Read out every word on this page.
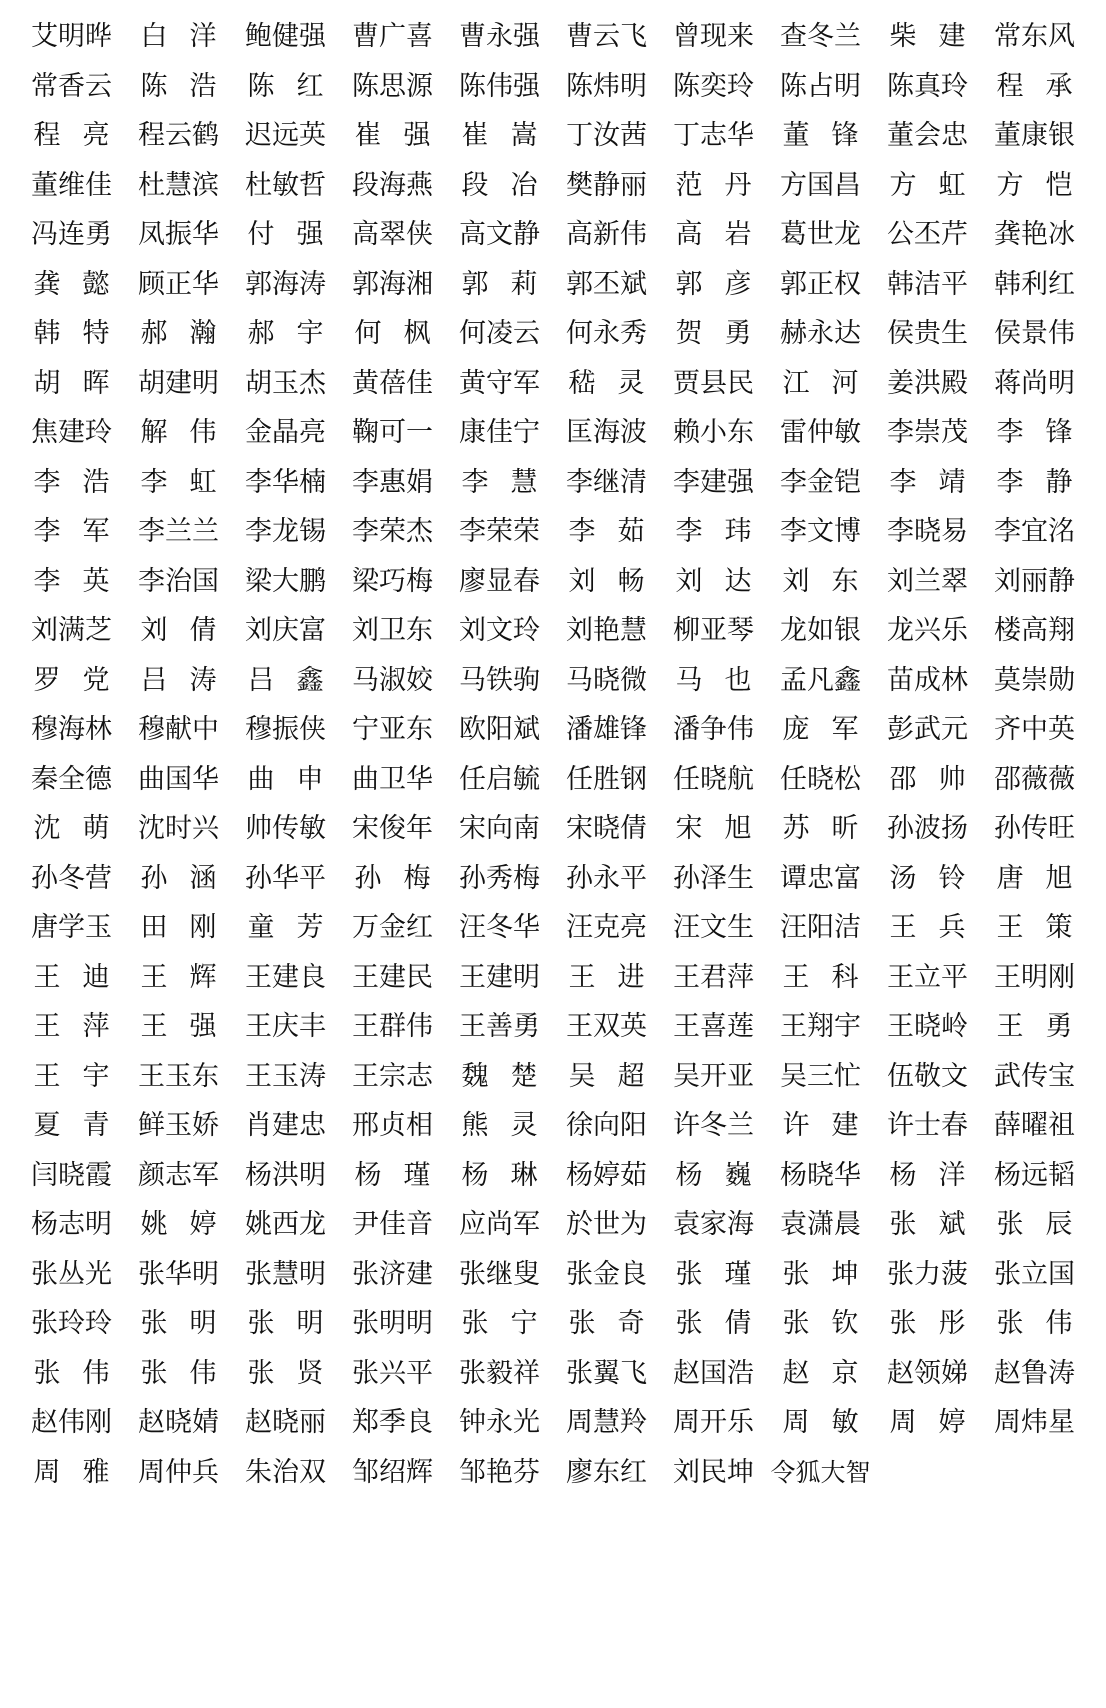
艾明晔 白 洋 鲍健强 曹广喜 曹永强 曹云飞 曾现来 查冬兰 柴 建 常东风
常香云 陈 浩 陈 红 陈思源 陈伟强 陈炜明 陈奕玲 陈占明 陈真玲 程 承
程 亮 程云鹤 迟远英 崔 强 崔 嵩 丁汝茜 丁志华 董 锋 董会忠 董康银
董维佳 杜慧滨 杜敏哲 段海燕 段 冶 樊静丽 范 丹 方国昌 方 虹 方 恺
冯连勇 凤振华 付 强 高翠侠 高文静 高新伟 高 岩 葛世龙 公丕芹 龚艳冰
龚 懿 顾正华 郭海涛 郭海湘 郭 莉 郭丕斌 郭 彦 郭正权 韩洁平 韩利红
韩 特 郝 瀚 郝 宇 何 枫 何凌云 何永秀 贺 勇 赫永达 侯贵生 侯景伟
胡 晖 胡建明 胡玉杰 黄蓓佳 黄守军 嵇 灵 贾县民 江 河 姜洪殿 蒋尚明
焦建玲 解 伟 金晶亮 鞠可一 康佳宁 匡海波 赖小东 雷仲敏 李崇茂 李 锋
李 浩 李 虹 李华楠 李惠娟 李 慧 李继清 李建强 李金铠 李 靖 李 静
李 军 李兰兰 李龙锡 李荣杰 李荣荣 李 茹 李 玮 李文博 李晓易 李宜洺
李 英 李治国 梁大鹏 梁巧梅 廖显春 刘 畅 刘 达 刘 东 刘兰翠 刘丽静
刘满芝 刘 倩 刘庆富 刘卫东 刘文玲 刘艳慧 柳亚琴 龙如银 龙兴乐 楼高翔
罗 党 吕 涛 吕 鑫 马淑姣 马铁驹 马晓微 马 也 孟凡鑫 苗成林 莫崇勋
穆海林 穆献中 穆振侠 宁亚东 欧阳斌 潘雄锋 潘争伟 庞 军 彭武元 齐中英
秦全德 曲国华 曲 申 曲卫华 任启毓 任胜钢 任晓航 任晓松 邵 帅 邵薇薇
沈 萌 沈时兴 帅传敏 宋俊年 宋向南 宋晓倩 宋 旭 苏 昕 孙波扬 孙传旺
孙冬营 孙 涵 孙华平 孙 梅 孙秀梅 孙永平 孙泽生 谭忠富 汤 铃 唐 旭
唐学玉 田 刚 童 芳 万金红 汪冬华 汪克亮 汪文生 汪阳洁 王 兵 王 策
王 迪 王 辉 王建良 王建民 王建明 王 进 王君萍 王 科 王立平 王明刚
王 萍 王 强 王庆丰 王群伟 王善勇 王双英 王喜莲 王翔宇 王晓岭 王 勇
王 宇 王玉东 王玉涛 王宗志 魏 楚 吴 超 吴开亚 吴三忙 伍敬文 武传宝
夏 青 鲜玉娇 肖建忠 邢贞相 熊 灵 徐向阳 许冬兰 许 建 许士春 薛曜祖
闫晓霞 颜志军 杨洪明 杨 瑾 杨 琳 杨婷茹 杨 巍 杨晓华 杨 洋 杨远韬
杨志明 姚 婷 姚西龙 尹佳音 应尚军 於世为 袁家海 袁潇晨 张 斌 张 辰
张丛光 张华明 张慧明 张济建 张继叟 张金良 张 瑾 张 坤 张力菠 张立国
张玲玲 张 明 张 明 张明明 张 宁 张 奇 张 倩 张 钦 张 彤 张 伟
张 伟 张 伟 张 贤 张兴平 张毅祥 张翼飞 赵国浩 赵 京 赵领娣 赵鲁涛
赵伟刚 赵晓婧 赵晓丽 郑季良 钟永光 周慧羚 周开乐 周 敏 周 婷 周炜星
周 雅 周仲兵 朱治双 邹绍辉 邹艳芬 廖东红 刘民坤 令狐大智
